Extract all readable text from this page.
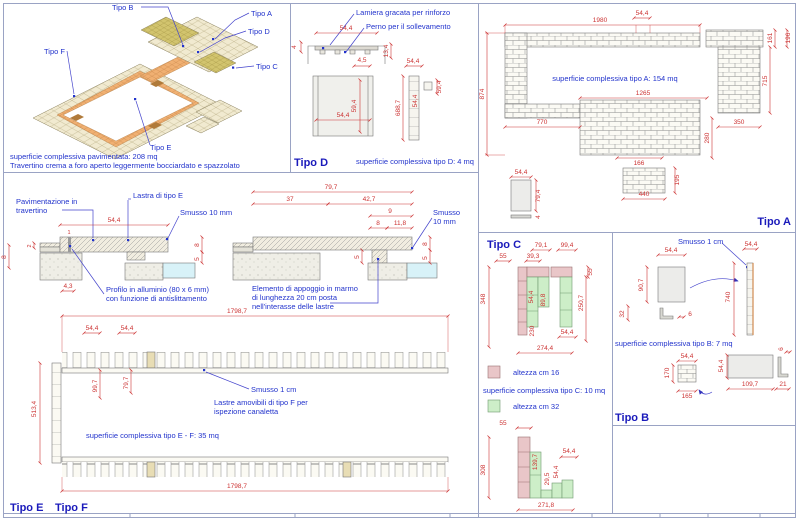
Tipo B
Tipo A
Tipo D
Tipo F
Tipo C
Tipo E
superficie complessiva pavimentata: 208 mq
Travertino crema a foro aperto leggermente bocciardato e spazzolato
Lamiera gracata per rinforzo
Perno per il sollevamento
54,4
4	13,4
4,5
59,4
54,4
54,4
688,7
59,4
54,4
superficie complessiva tipo D: 4 mq
Tipo D
1980
54,4
874	1265
superficie complessiva tipo A: 154 mq
770	350
280
166
161 196
715
440
195
54,4
79,4
4	Tipo A
Pavimentazione in
travertino
Lastra di tipo E
Smusso 10 mm
54,4
1
2
8
4,3	Profilo in alluminio (80 x 6 mm)
con funzione di antislittamento
8
5
79,7
37	42,7
9
8 11,8
Smusso
10 mm
5
8
5
Elemento di appoggio in marmo
di lunghezza 20 cm posta
nell'interasse delle lastre
1798,7
54,4	54,4
513,4
99,7	79,7
Smusso 1 cm
Lastre amovibili di tipo F per
ispezione canaletta
superficie complessiva tipo E - F: 35 mq
1798,7
Tipo E Tipo F
Tipo C 79,1 99,4
55	39,3
348	54,4 89,8
55
250,7
230	54,4
274,4
altezza cm 16
superficie complessiva tipo C: 10 mq
altezza cm 32
55
308	139,7
29,5
54,4
54,4
271,8
Smusso 1 cm
54,4
90,7
32	6
740
54,4
superficie complessiva tipo B: 7 mq
54,4
170
165
54,4
6
109,7	21
Tipo B
